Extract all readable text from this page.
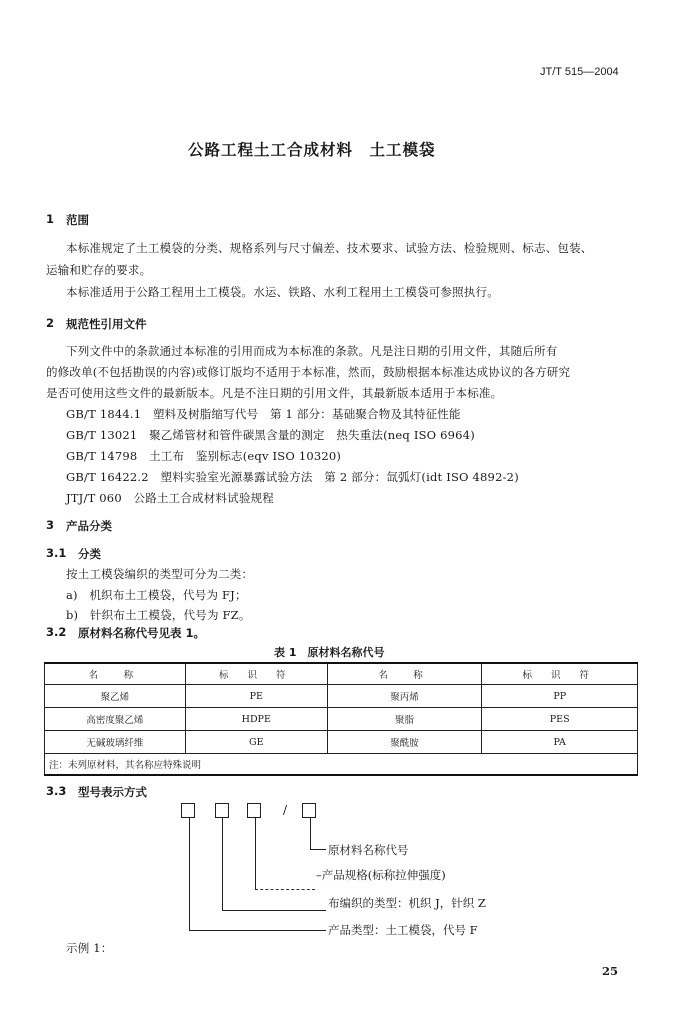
JT/T 515—2004
公路工程土工合成材料　土工模袋
1 范围
本标准规定了土工模袋的分类、规格系列与尺寸偏差、技术要求、试验方法、检验规则、标志、包装、
运输和贮存的要求。
本标准适用于公路工程用土工模袋。水运、铁路、水利工程用土工模袋可参照执行。
2 规范性引用文件
下列文件中的条款通过本标准的引用而成为本标准的条款。凡是注日期的引用文件，其随后所有
的修改单(不包括勘误的内容)或修订版均不适用于本标准，然而，鼓励根据本标准达成协议的各方研究
是否可使用这些文件的最新版本。凡是不注日期的引用文件，其最新版本适用于本标准。
GB/T 1844.1　塑料及树脂缩写代号　第 1 部分：基础聚合物及其特征性能
GB/T 13021　聚乙烯管材和管件碳黑含量的测定　热失重法(neq ISO 6964)
GB/T 14798　土工布　鉴别标志(eqv ISO 10320)
GB/T 16422.2　塑料实验室光源暴露试验方法　第 2 部分：氙弧灯(idt ISO 4892-2)
JTJ/T 060　公路土工合成材料试验规程
3 产品分类
3.1 分类
按土工模袋编织的类型可分为二类：
a)　机织布土工模袋，代号为 FJ；
b)　针织布土工模袋，代号为 FZ。
3.2 原材料名称代号见表 1。
表 1　原材料名称代号
名　称	标 识 符	名　称	标 识 符
聚乙烯	PE	聚丙烯	PP
高密度聚乙烯	HDPE	聚脂	PES
无碱玻璃纤维	GE	聚酰胺	PA
注：未列原材料，其名称应特殊说明			
3.3 型号表示方式
/
原材料名称代号
–产品规格(标称拉伸强度)
布编织的类型：机织 J，针织 Z
产品类型：土工模袋，代号 F
示例 1：
25
